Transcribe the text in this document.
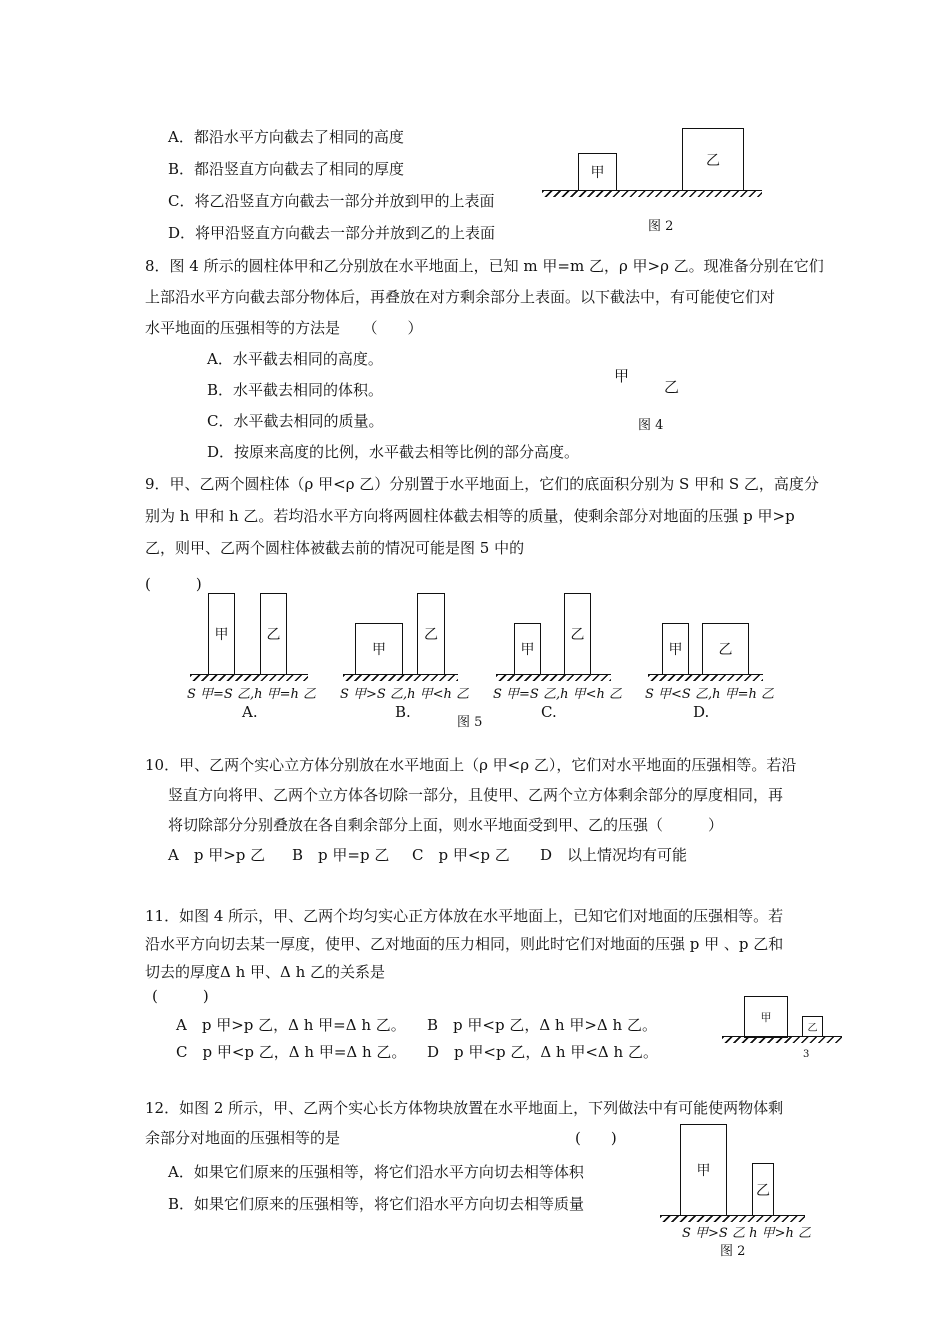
A．都沿水平方向截去了相同的高度
B．都沿竖直方向截去了相同的厚度
C．将乙沿竖直方向截去一部分并放到甲的上表面
D．将甲沿竖直方向截去一部分并放到乙的上表面
甲
乙
图 2
8．图 4 所示的圆柱体甲和乙分别放在水平地面上，已知 m 甲=m 乙，ρ 甲>ρ 乙。现准备分别在它们
上部沿水平方向截去部分物体后，再叠放在对方剩余部分上表面。以下截法中，有可能使它们对
水平地面的压强相等的方法是　　（　　）
A．水平截去相同的高度。
B．水平截去相同的体积。
C．水平截去相同的质量。
D．按原来高度的比例，水平截去相等比例的部分高度。
甲
乙
图 4
9．甲、乙两个圆柱体（ρ 甲<ρ 乙）分别置于水平地面上，它们的底面积分别为 S 甲和 S 乙，高度分
别为 h 甲和 h 乙。若均沿水平方向将两圆柱体截去相等的质量，使剩余部分对地面的压强 p 甲>p
乙，则甲、乙两个圆柱体被截去前的情况可能是图 5 中的
(　　　)
甲	乙
S 甲=S 乙,h 甲=h 乙
A.
甲
乙
S 甲>S 乙,h 甲<h 乙
B.
甲
乙
S 甲=S 乙,h 甲<h 乙
C.
甲	乙
S 甲<S 乙,h 甲=h 乙
D.
图 5
10．甲、乙两个实心立方体分别放在水平地面上（ρ 甲<ρ 乙），它们对水平地面的压强相等。若沿
竖直方向将甲、乙两个立方体各切除一部分，且使甲、乙两个立方体剩余部分的厚度相同，再
将切除部分分别叠放在各自剩余部分上面，则水平地面受到甲、乙的压强（　　　）
A　p 甲>p 乙 B　p 甲=p 乙 C　p 甲<p 乙 D　以上情况均有可能
11．如图 4 所示，甲、乙两个均匀实心正方体放在水平地面上，已知它们对地面的压强相等。若
沿水平方向切去某一厚度，使甲、乙对地面的压力相同，则此时它们对地面的压强 p 甲 、p 乙和
切去的厚度Δ h 甲、Δ h 乙的关系是
(　　　)
A　p 甲>p 乙，Δ h 甲=Δ h 乙。 B　p 甲<p 乙，Δ h 甲>Δ h 乙。
C　p 甲<p 乙，Δ h 甲=Δ h 乙。 D　p 甲<p 乙，Δ h 甲<Δ h 乙。
甲
乙
3
12．如图 2 所示，甲、乙两个实心长方体物块放置在水平地面上，下列做法中有可能使两物体剩
余部分对地面的压强相等的是	(　　)
A．如果它们原来的压强相等，将它们沿水平方向切去相等体积
B．如果它们原来的压强相等，将它们沿水平方向切去相等质量
甲
乙
S 甲>S 乙 h 甲>h 乙
图 2
